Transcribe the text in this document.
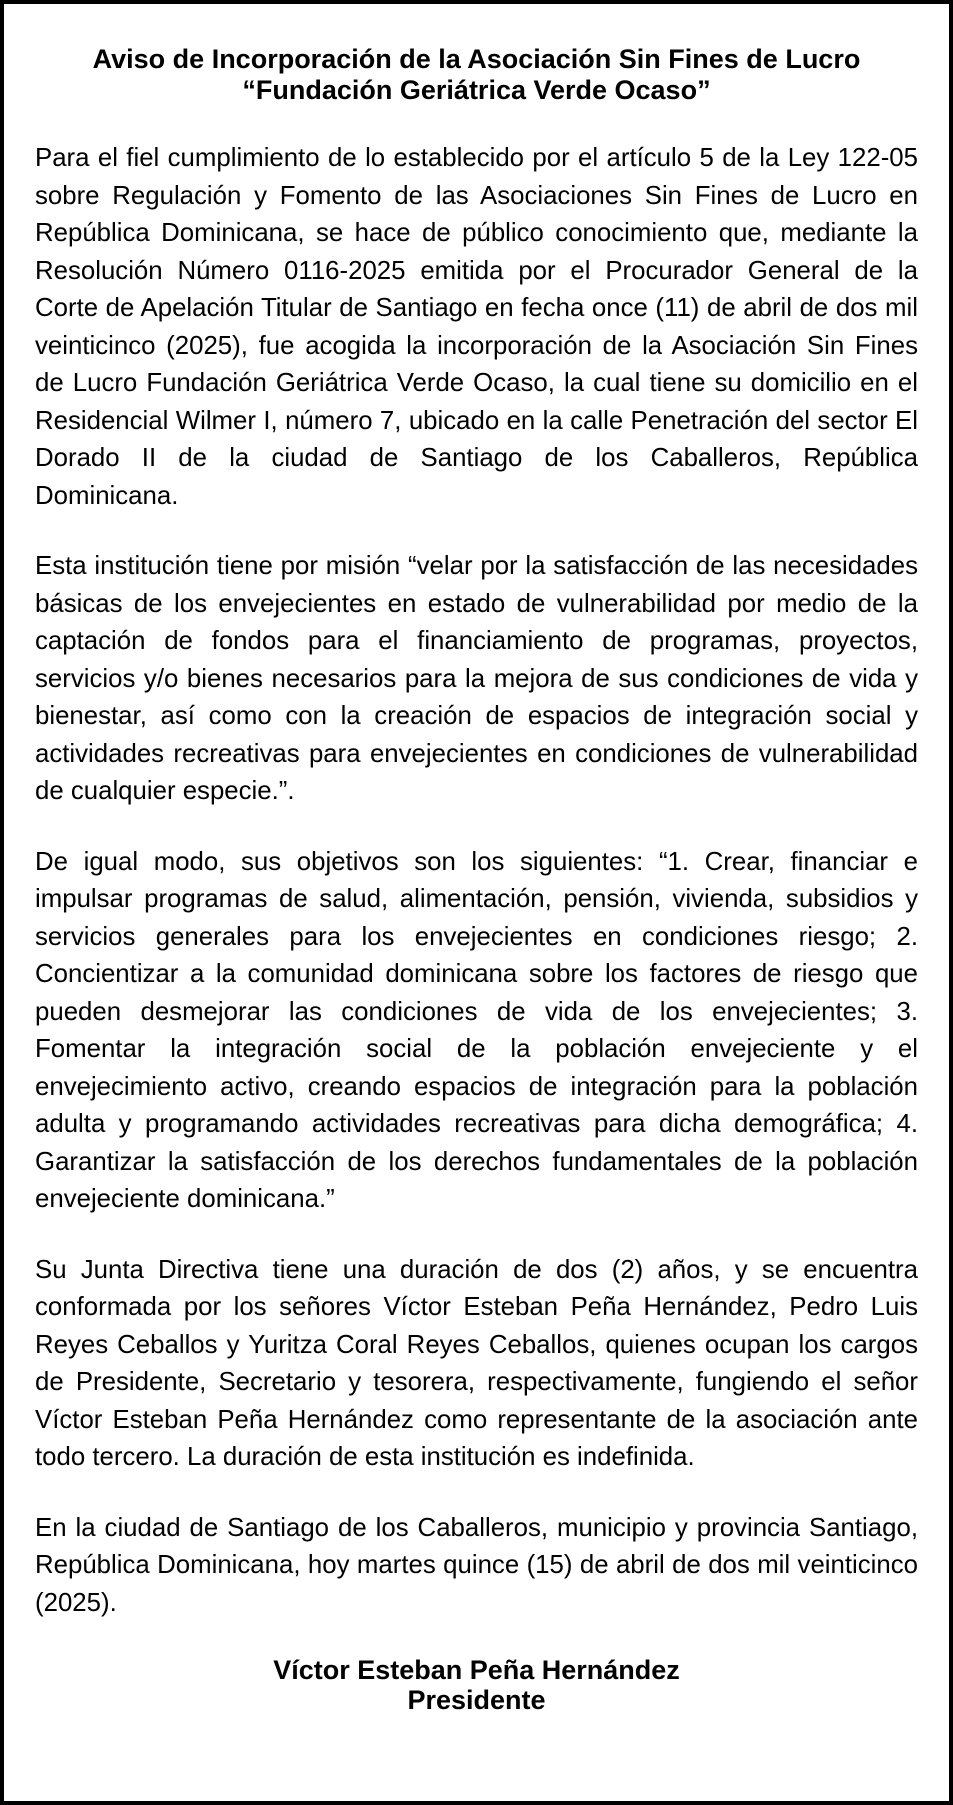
Aviso de Incorporación de la Asociación Sin Fines de Lucro
“Fundación Geriátrica Verde Ocaso”

Para el fiel cumplimiento de lo establecido por el artículo 5 de la Ley 122-05 sobre Regulación y Fomento de las Asociaciones Sin Fines de Lucro en República Dominicana, se hace de público conocimiento que, mediante la Resolución Número 0116-2025 emitida por el Procurador General de la Corte de Apelación Titular de Santiago en fecha once (11) de abril de dos mil veinticinco (2025), fue acogida la incorporación de la Asociación Sin Fines de Lucro Fundación Geriátrica Verde Ocaso, la cual tiene su domicilio en el Residencial Wilmer I, número 7, ubicado en la calle Penetración del sector El Dorado II de la ciudad de Santiago de los Caballeros, República Dominicana.

Esta institución tiene por misión “velar por la satisfacción de las necesidades básicas de los envejecientes en estado de vulnerabilidad por medio de la captación de fondos para el financiamiento de programas, proyectos, servicios y/o bienes necesarios para la mejora de sus condiciones de vida y bienestar, así como con la creación de espacios de integración social y actividades recreativas para envejecientes en condiciones de vulnerabilidad de cualquier especie.”.

De igual modo, sus objetivos son los siguientes: “1. Crear, financiar e impulsar programas de salud, alimentación, pensión, vivienda, subsidios y servicios generales para los envejecientes en condiciones riesgo; 2. Concientizar a la comunidad dominicana sobre los factores de riesgo que pueden desmejorar las condiciones de vida de los envejecientes; 3. Fomentar la integración social de la población envejeciente y el envejecimiento activo, creando espacios de integración para la población adulta y programando actividades recreativas para dicha demográfica; 4. Garantizar la satisfacción de los derechos fundamentales de la población envejeciente dominicana.”

Su Junta Directiva tiene una duración de dos (2) años, y se encuentra conformada por los señores Víctor Esteban Peña Hernández, Pedro Luis Reyes Ceballos y Yuritza Coral Reyes Ceballos, quienes ocupan los cargos de Presidente, Secretario y tesorera, respectivamente, fungiendo el señor Víctor Esteban Peña Hernández como representante de la asociación ante todo tercero. La duración de esta institución es indefinida.

En la ciudad de Santiago de los Caballeros, municipio y provincia Santiago, República Dominicana, hoy martes quince (15) de abril de dos mil veinticinco (2025).

Víctor Esteban Peña Hernández
Presidente
